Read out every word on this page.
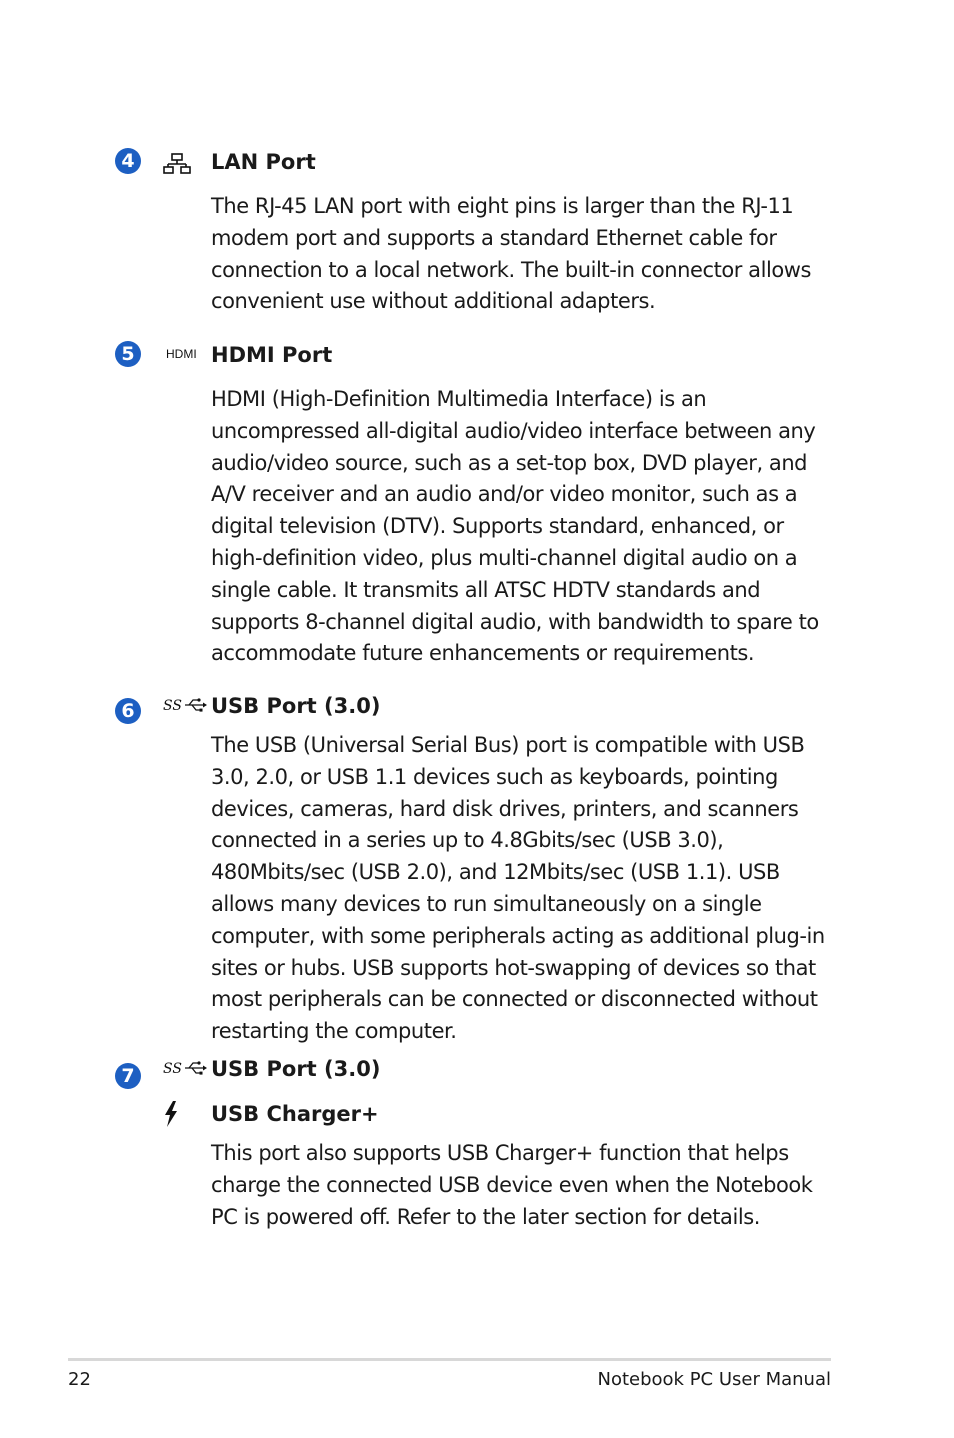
4	LAN Port

The RJ-45 LAN port with eight pins is larger than the RJ-11 modem port and supports a standard Ethernet cable for connection to a local network. The built-in connector allows convenient use without additional adapters.

5	HDMI HDMI Port

HDMI (High-Definition Multimedia Interface) is an uncompressed all-digital audio/video interface between any audio/video source, such as a set-top box, DVD player, and A/V receiver and an audio and/or video monitor, such as a digital television (DTV). Supports standard, enhanced, or high-definition video, plus multi-channel digital audio on a single cable. It transmits all ATSC HDTV standards and supports 8-channel digital audio, with bandwidth to spare to accommodate future enhancements or requirements.

6	SS USB Port (3.0)

The USB (Universal Serial Bus) port is compatible with USB 3.0, 2.0, or USB 1.1 devices such as keyboards, pointing devices, cameras, hard disk drives, printers, and scanners connected in a series up to 4.8Gbits/sec (USB 3.0), 480Mbits/sec (USB 2.0), and 12Mbits/sec (USB 1.1). USB allows many devices to run simultaneously on a single computer, with some peripherals acting as additional plug-in sites or hubs. USB supports hot-swapping of devices so that most peripherals can be connected or disconnected without restarting the computer.

7	SS USB Port (3.0)
USB Charger+

This port also supports USB Charger+ function that helps charge the connected USB device even when the Notebook PC is powered off. Refer to the later section for details.

22	Notebook PC User Manual
